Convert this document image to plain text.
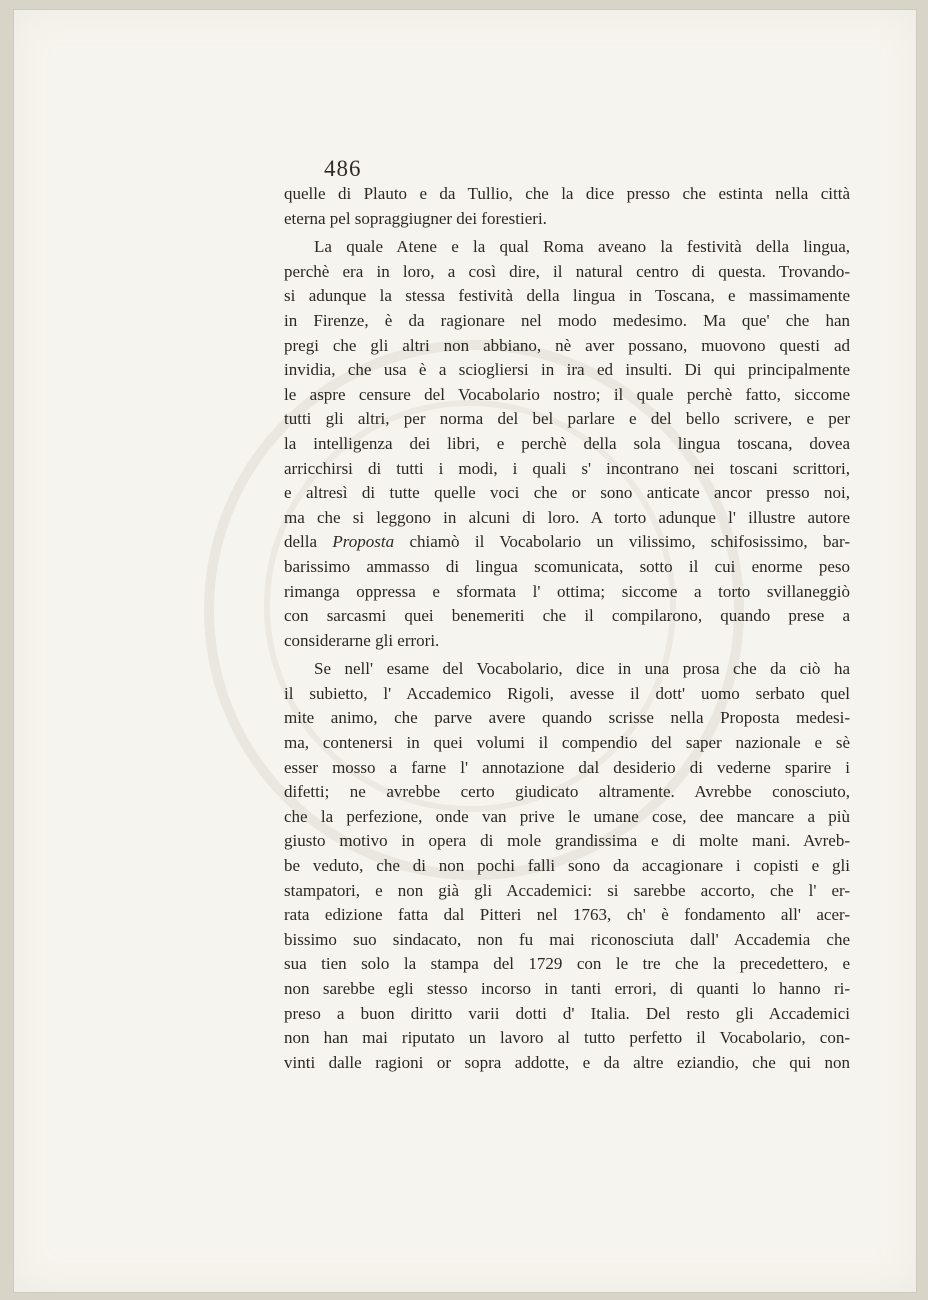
486
quelle di Plauto e da Tullio, che la dice presso che estinta nella città
eterna pel sopraggiugner dei forestieri.
La quale Atene e la qual Roma aveano la festività della lingua,
perchè era in loro, a così dire, il natural centro di questa. Trovando-
si adunque la stessa festività della lingua in Toscana, e massimamente
in Firenze, è da ragionare nel modo medesimo. Ma que' che han
pregi che gli altri non abbiano, nè aver possano, muovono questi ad
invidia, che usa è a sciogliersi in ira ed insulti. Di qui principalmente
le aspre censure del Vocabolario nostro; il quale perchè fatto, siccome
tutti gli altri, per norma del bel parlare e del bello scrivere, e per
la intelligenza dei libri, e perchè della sola lingua toscana, dovea
arricchirsi di tutti i modi, i quali s' incontrano nei toscani scrittori,
e altresì di tutte quelle voci che or sono anticate ancor presso noi,
ma che si leggono in alcuni di loro. A torto adunque l' illustre autore
della Proposta chiamò il Vocabolario un vilissimo, schifosissimo, bar-
barissimo ammasso di lingua scomunicata, sotto il cui enorme peso
rimanga oppressa e sformata l' ottima; siccome a torto svillaneggiò
con sarcasmi quei benemeriti che il compilarono, quando prese a
considerarne gli errori.
Se nell' esame del Vocabolario, dice in una prosa che da ciò ha
il subietto, l' Accademico Rigoli, avesse il dott' uomo serbato quel
mite animo, che parve avere quando scrisse nella Proposta medesi-
ma, contenersi in quei volumi il compendio del saper nazionale e sè
esser mosso a farne l' annotazione dal desiderio di vederne sparire i
difetti; ne avrebbe certo giudicato altramente. Avrebbe conosciuto,
che la perfezione, onde van prive le umane cose, dee mancare a più
giusto motivo in opera di mole grandissima e di molte mani. Avreb-
be veduto, che di non pochi falli sono da accagionare i copisti e gli
stampatori, e non già gli Accademici: si sarebbe accorto, che l' er-
rata edizione fatta dal Pitteri nel 1763, ch' è fondamento all' acer-
bissimo suo sindacato, non fu mai riconosciuta dall' Accademia che
sua tien solo la stampa del 1729 con le tre che la precedettero, e
non sarebbe egli stesso incorso in tanti errori, di quanti lo hanno ri-
preso a buon diritto varii dotti d' Italia. Del resto gli Accademici
non han mai riputato un lavoro al tutto perfetto il Vocabolario, con-
vinti dalle ragioni or sopra addotte, e da altre eziandio, che qui non
